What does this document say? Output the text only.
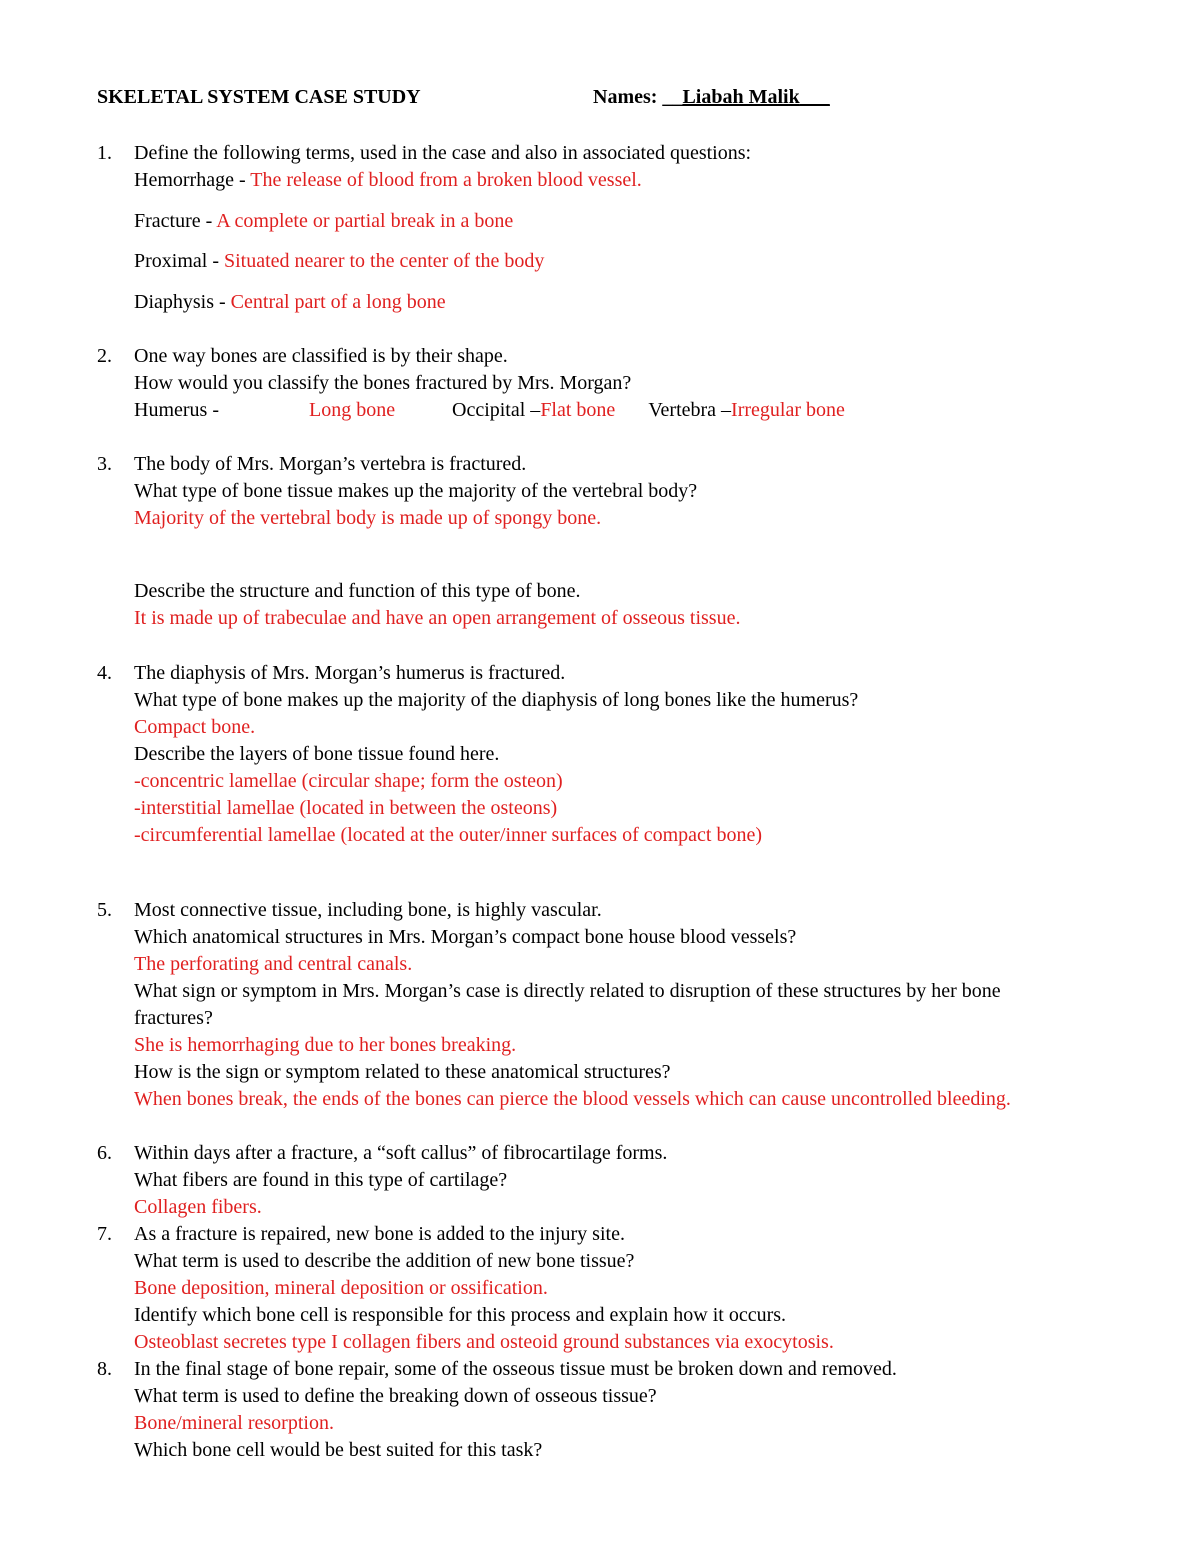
SKELETAL SYSTEM CASE STUDY	Names: __Liabah Malik___
1. Define the following terms, used in the case and also in associated questions:
Hemorrhage - The release of blood from a broken blood vessel.
Fracture - A complete or partial break in a bone
Proximal - Situated nearer to the center of the body
Diaphysis - Central part of a long bone
2. One way bones are classified is by their shape.
How would you classify the bones fractured by Mrs. Morgan?
Humerus -	Long bone	Occipital –Flat bone Vertebra –Irregular bone
3. The body of Mrs. Morgan’s vertebra is fractured.
What type of bone tissue makes up the majority of the vertebral body?
Majority of the vertebral body is made up of spongy bone.
Describe the structure and function of this type of bone.
It is made up of trabeculae and have an open arrangement of osseous tissue.
4. The diaphysis of Mrs. Morgan’s humerus is fractured.
What type of bone makes up the majority of the diaphysis of long bones like the humerus?
Compact bone.
Describe the layers of bone tissue found here.
-concentric lamellae (circular shape; form the osteon)
-interstitial lamellae (located in between the osteons)
-circumferential lamellae (located at the outer/inner surfaces of compact bone)
5. Most connective tissue, including bone, is highly vascular.
Which anatomical structures in Mrs. Morgan’s compact bone house blood vessels?
The perforating and central canals.
What sign or symptom in Mrs. Morgan’s case is directly related to disruption of these structures by her bone fractures?
She is hemorrhaging due to her bones breaking.
How is the sign or symptom related to these anatomical structures?
When bones break, the ends of the bones can pierce the blood vessels which can cause uncontrolled bleeding.
6. Within days after a fracture, a “soft callus” of fibrocartilage forms.
What fibers are found in this type of cartilage?
Collagen fibers.
7. As a fracture is repaired, new bone is added to the injury site.
What term is used to describe the addition of new bone tissue?
Bone deposition, mineral deposition or ossification.
Identify which bone cell is responsible for this process and explain how it occurs.
Osteoblast secretes type I collagen fibers and osteoid ground substances via exocytosis.
8. In the final stage of bone repair, some of the osseous tissue must be broken down and removed.
What term is used to define the breaking down of osseous tissue?
Bone/mineral resorption.
Which bone cell would be best suited for this task?
